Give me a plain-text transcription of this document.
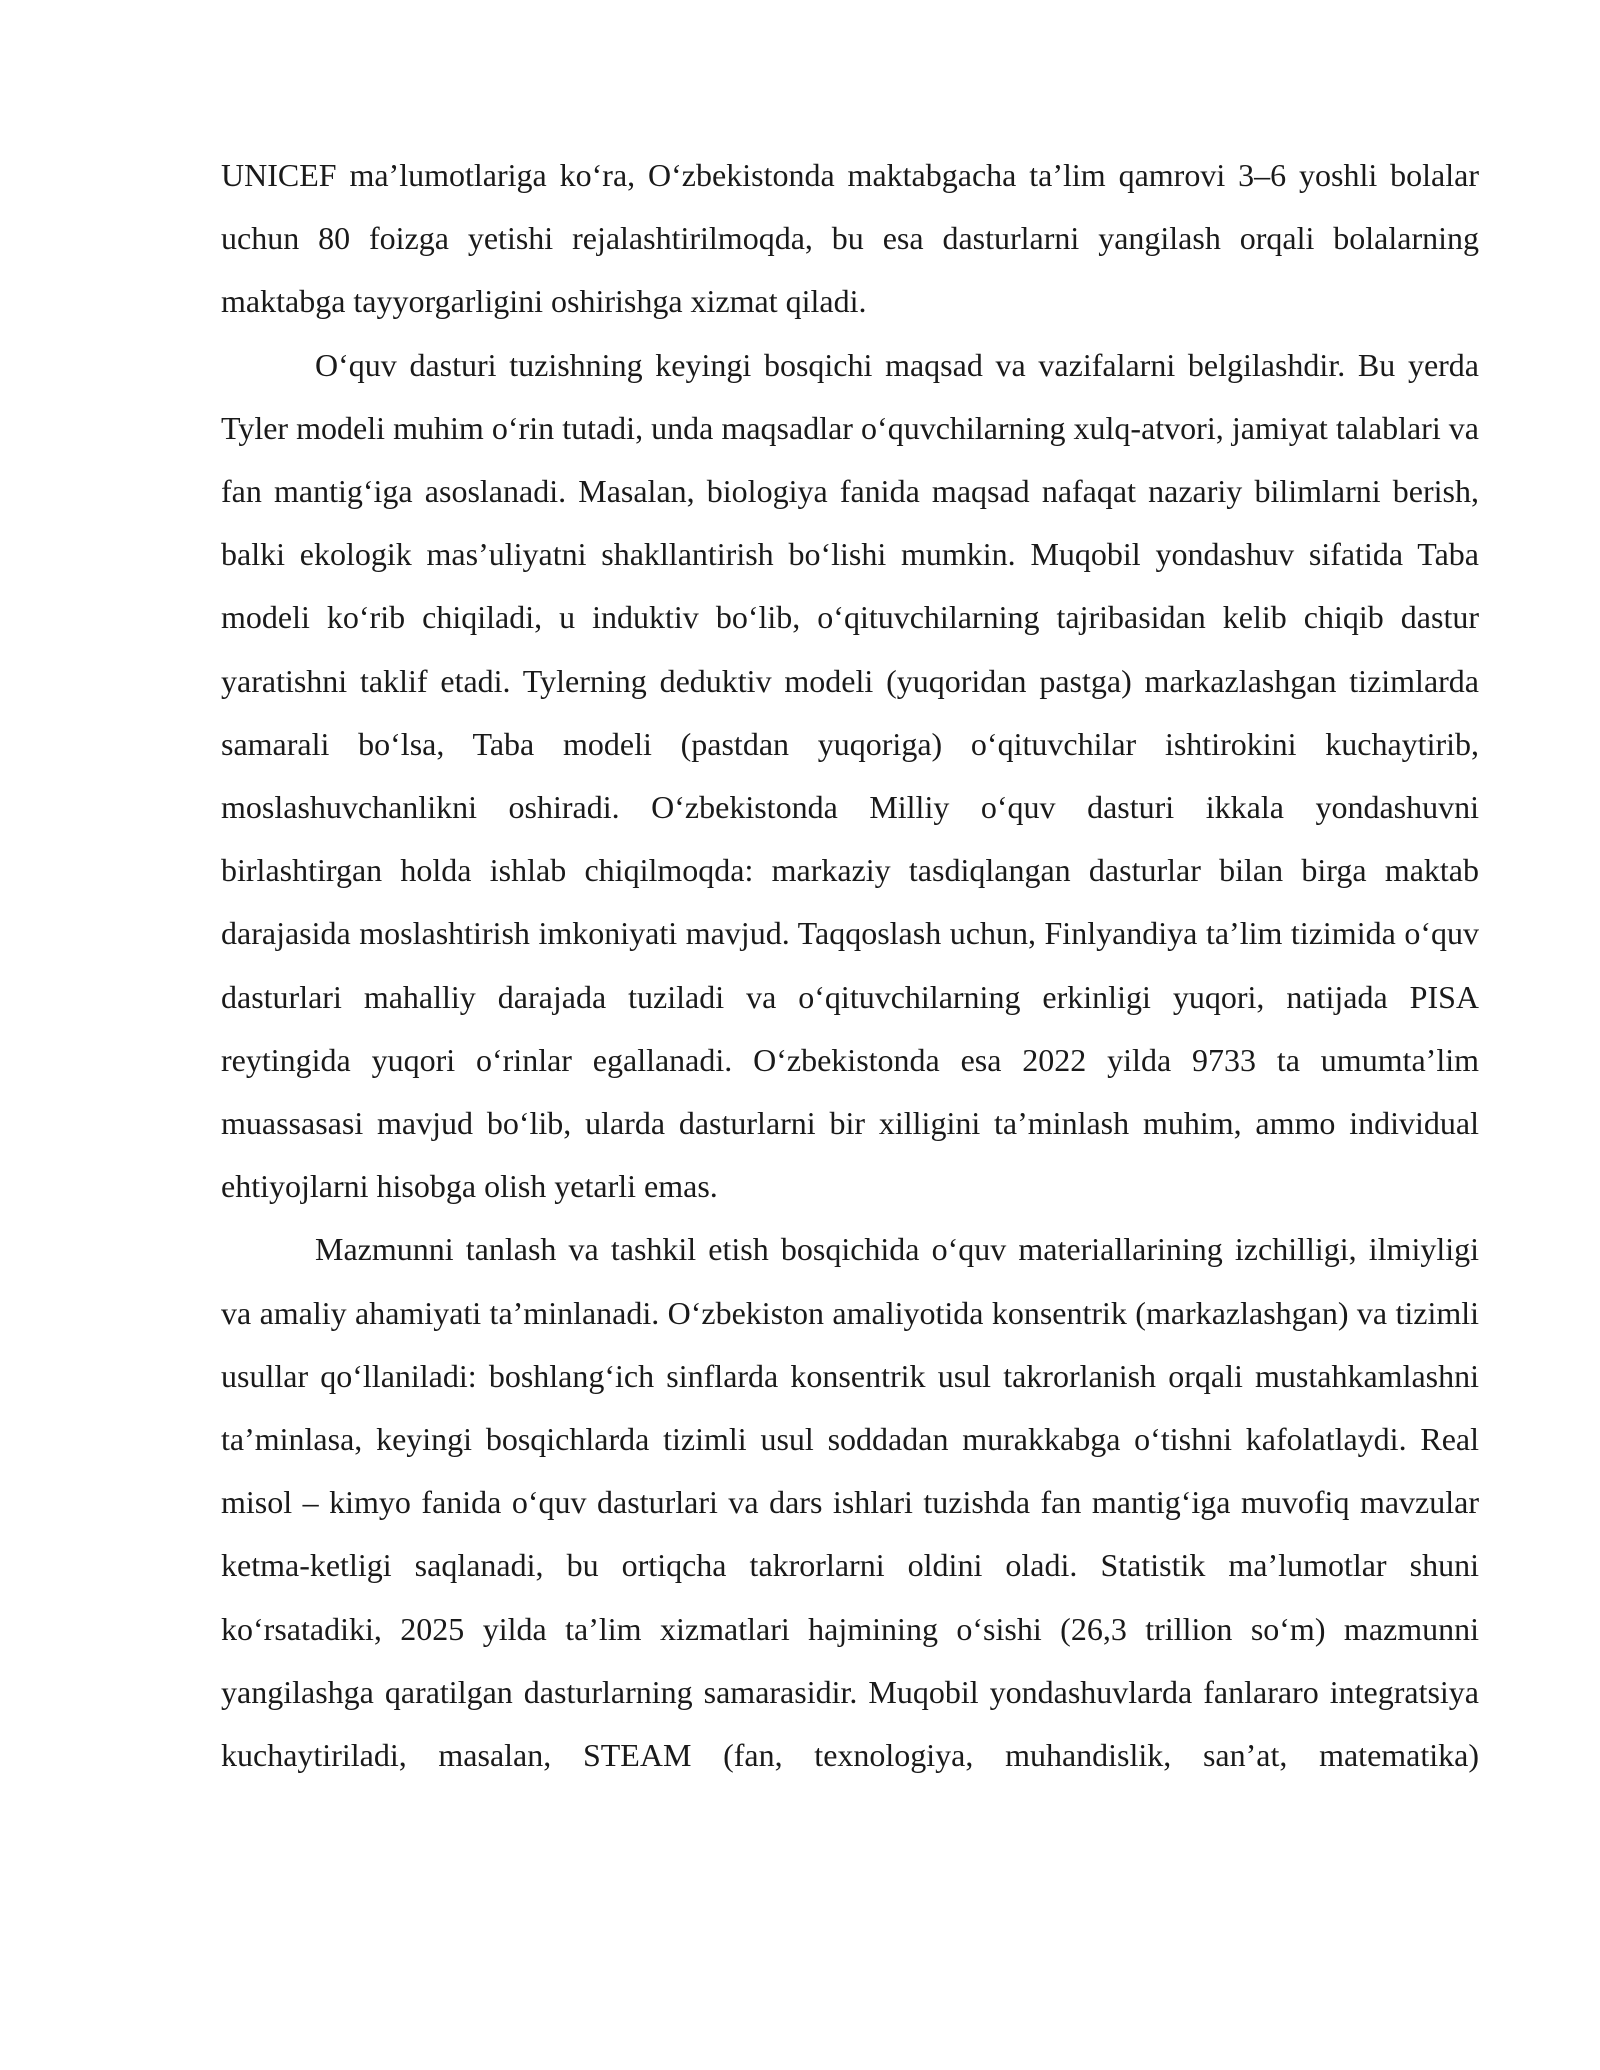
UNICEF ma’lumotlariga ko‘ra, O‘zbekistonda maktabgacha ta’lim qamrovi 3–6 yoshli bolalar uchun 80 foizga yetishi rejalashtirilmoqda, bu esa dasturlarni yangilash orqali bolalarning maktabga tayyorgarligini oshirishga xizmat qiladi.

O‘quv dasturi tuzishning keyingi bosqichi maqsad va vazifalarni belgilashdir. Bu yerda Tyler modeli muhim o‘rin tutadi, unda maqsadlar o‘quvchilarning xulq-atvori, jamiyat talablari va fan mantig‘iga asoslanadi. Masalan, biologiya fanida maqsad nafaqat nazariy bilimlarni berish, balki ekologik mas’uliyatni shakllantirish bo‘lishi mumkin. Muqobil yondashuv sifatida Taba modeli ko‘rib chiqiladi, u induktiv bo‘lib, o‘qituvchilarning tajribasidan kelib chiqib dastur yaratishni taklif etadi. Tylerning deduktiv modeli (yuqoridan pastga) markazlashgan tizimlarda samarali bo‘lsa, Taba modeli (pastdan yuqoriga) o‘qituvchilar ishtirokini kuchaytirib, moslashuvchanlikni oshiradi. O‘zbekistonda Milliy o‘quv dasturi ikkala yondashuvni birlashtirgan holda ishlab chiqilmoqda: markaziy tasdiqlangan dasturlar bilan birga maktab darajasida moslashtirish imkoniyati mavjud. Taqqoslash uchun, Finlyandiya ta’lim tizimida o‘quv dasturlari mahalliy darajada tuziladi va o‘qituvchilarning erkinligi yuqori, natijada PISA reytingida yuqori o‘rinlar egallanadi. O‘zbekistonda esa 2022 yilda 9733 ta umumta’lim muassasasi mavjud bo‘lib, ularda dasturlarni bir xilligini ta’minlash muhim, ammo individual ehtiyojlarni hisobga olish yetarli emas.

Mazmunni tanlash va tashkil etish bosqichida o‘quv materiallarining izchilligi, ilmiyligi va amaliy ahamiyati ta’minlanadi. O‘zbekiston amaliyotida konsentrik (markazlashgan) va tizimli usullar qo‘llaniladi: boshlang‘ich sinflarda konsentrik usul takrorlanish orqali mustahkamlashni ta’minlasa, keyingi bosqichlarda tizimli usul soddadan murakkabga o‘tishni kafolatlaydi. Real misol – kimyo fanida o‘quv dasturlari va dars ishlari tuzishda fan mantig‘iga muvofiq mavzular ketma-ketligi saqlanadi, bu ortiqcha takrorlarni oldini oladi. Statistik ma’lumotlar shuni ko‘rsatadiki, 2025 yilda ta’lim xizmatlari hajmining o‘sishi (26,3 trillion so‘m) mazmunni yangilashga qaratilgan dasturlarning samarasidir. Muqobil yondashuvlarda fanlararo integratsiya kuchaytiriladi, masalan, STEAM (fan, texnologiya, muhandislik, san’at, matematika)
